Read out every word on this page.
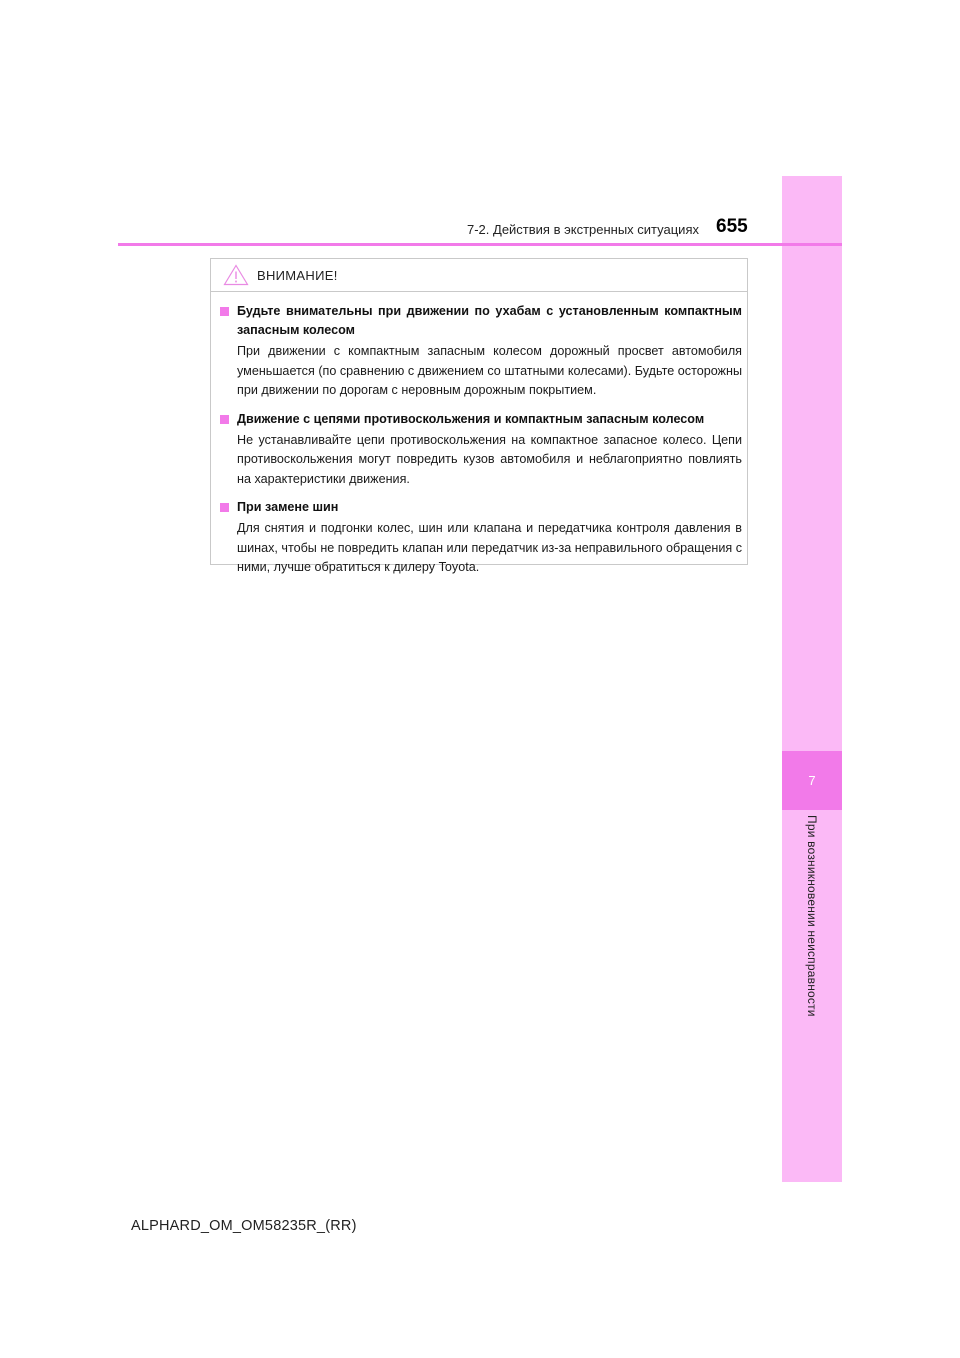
7
При возникновении неисправности
7-2. Действия в экстренных ситуациях 655
ВНИМАНИЕ!
Будьте внимательны при движении по ухабам с установленным компактным запасным колесом
При движении с компактным запасным колесом дорожный просвет автомобиля уменьшается (по сравнению с движением со штатными колесами). Будьте осторожны при движении по дорогам с неровным дорожным покрытием.
Движение с цепями противоскольжения и компактным запасным колесом
Не устанавливайте цепи противоскольжения на компактное запасное колесо. Цепи противоскольжения могут повредить кузов автомобиля и неблагоприятно повлиять на характеристики движения.
При замене шин
Для снятия и подгонки колес, шин или клапана и передатчика контроля давления в шинах, чтобы не повредить клапан или передатчик из-за неправильного обращения с ними, лучше обратиться к дилеру Toyota.
ALPHARD_OM_OM58235R_(RR)
